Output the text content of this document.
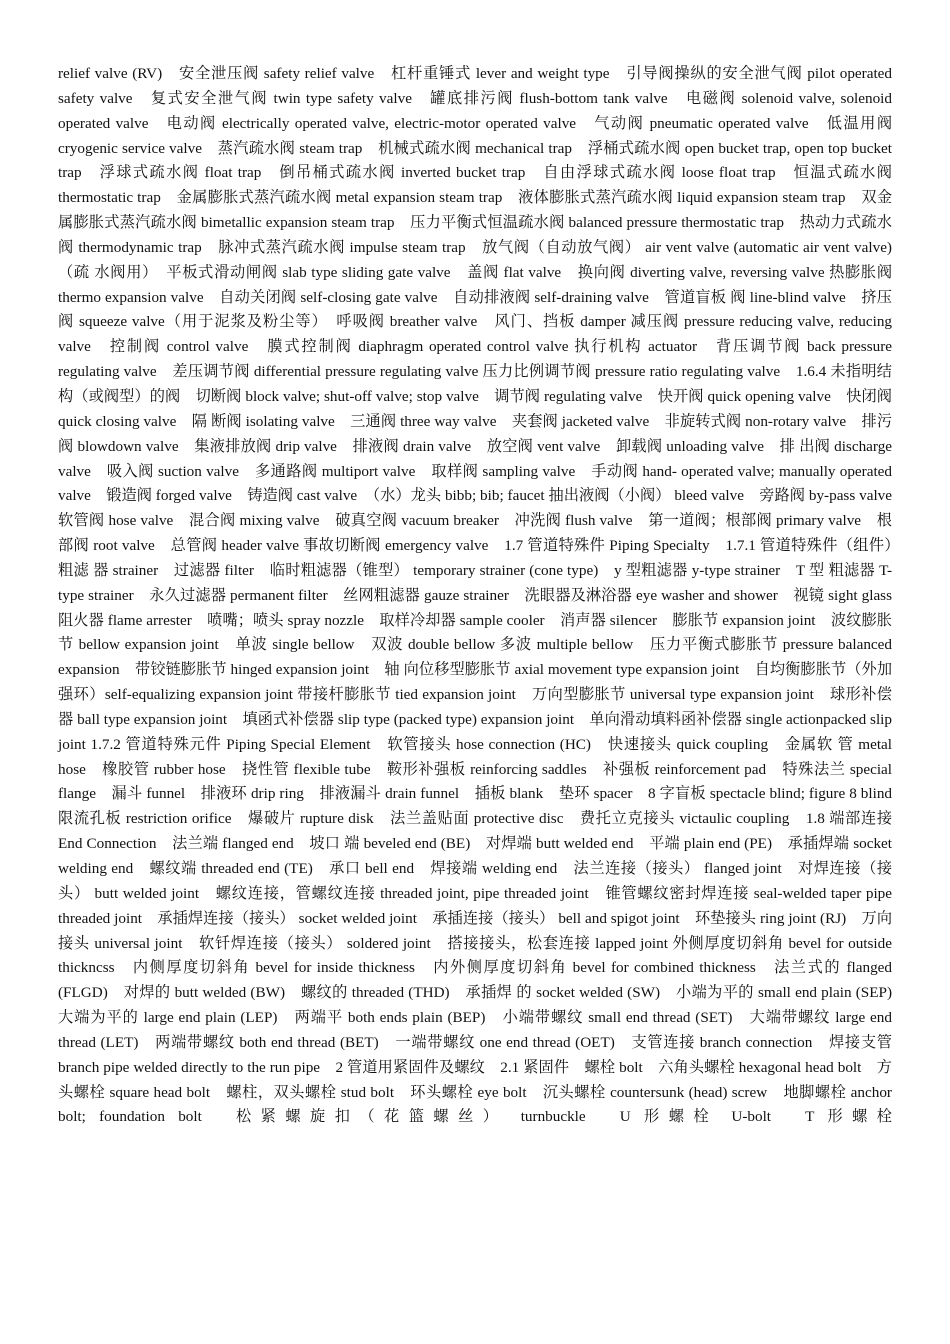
relief valve (RV)　安全泄压阀 safety relief valve　杠杆重锤式 lever and weight type　引导阀操纵的安全泄气阀 pilot operated safety valve　复式安全泄气阀 twin type safety valve　罐底排污阀 flush-bottom tank valve　电磁阀 solenoid valve, solenoid operated valve　电动阀 electrically operated valve, electric-motor operated valve　气动阀 pneumatic operated valve　低温用阀 cryogenic service valve　蒸汽疏水阀 steam trap　机械式疏水阀 mechanical trap　浮桶式疏水阀 open bucket trap, open top bucket trap　浮球式疏水阀 float trap　倒吊桶式疏水阀 inverted bucket trap　自由浮球式疏水阀 loose float trap　恒温式疏水阀 thermostatic trap　金属膨胀式蒸汽疏水阀 metal expansion steam trap　液体膨胀式蒸汽疏水阀 liquid expansion steam trap　双金属膨胀式蒸汽疏水阀 bimetallic expansion steam trap　压力平衡式恒温疏水阀 balanced pressure thermostatic trap　热动力式疏水阀 thermodynamic trap　脉冲式蒸汽疏水阀 impulse steam trap　放气阀（自动放气阀） air vent valve (automatic air vent valve)（疏 水阀用）　平板式滑动闸阀 slab type sliding gate valve　盖阀 flat valve　换向阀 diverting valve, reversing valve 热膨胀阀 thermo expansion valve　自动关闭阀 self-closing gate valve　自动排液阀 self-draining valve　管道盲板 阀 line-blind valve　挤压阀 squeeze valve（用于泥浆及粉尘等）　呼吸阀 breather valve　风门、挡板 damper 减压阀 pressure reducing valve, reducing valve　控制阀 control valve　膜式控制阀 diaphragm operated control valve 执行机构 actuator　背压调节阀 back pressure regulating valve　差压调节阀 differential pressure regulating valve 压力比例调节阀 pressure ratio regulating valve　1.6.4 未指明结构（或阀型）的阀　切断阀 block valve; shut-off valve; stop valve　调节阀 regulating valve　快开阀 quick opening valve　快闭阀 quick closing valve　隔 断阀 isolating valve　三通阀 three way valve　夹套阀 jacketed valve　非旋转式阀 non-rotary valve　排污阀 blowdown valve　集液排放阀 drip valve　排液阀 drain valve　放空阀 vent valve　卸载阀 unloading valve　排 出阀 discharge valve　吸入阀 suction valve　多通路阀 multiport valve　取样阀 sampling valve　手动阀 hand- operated valve; manually operated valve　锻造阀 forged valve　铸造阀 cast valve　（水）龙头 bibb; bib; faucet 抽出液阀（小阀） bleed valve　旁路阀 by-pass valve　软管阀 hose valve　混合阀 mixing valve　破真空阀 vacuum breaker　冲洗阀 flush valve　第一道阀；根部阀 primary valve　根部阀 root valve　总管阀 header valve 事故切断阀 emergency valve　1.7 管道特殊件 Piping Specialty　1.7.1 管道特殊件（组件）　粗滤 器 strainer　过滤器 filter　临时粗滤器（锥型） temporary strainer (cone type)　y 型粗滤器 y-type strainer　T 型 粗滤器 T-type strainer　永久过滤器 permanent filter　丝网粗滤器 gauze strainer　洗眼器及淋浴器 eye washer and shower　视镜 sight glass　阻火器 flame arrester　喷嘴；喷头 spray nozzle　取样冷却器 sample cooler　消声器 silencer　膨胀节 expansion joint　波纹膨胀节 bellow expansion joint　单波 single bellow　双波 double bellow 多波 multiple bellow　压力平衡式膨胀节 pressure balanced expansion　带铰链膨胀节 hinged expansion joint　轴 向位移型膨胀节 axial movement type expansion joint　自均衡膨胀节（外加强环）self-equalizing expansion joint 带接杆膨胀节 tied expansion joint　万向型膨胀节 universal type expansion joint　球形补偿器 ball type expansion joint　填函式补偿器 slip type (packed type) expansion joint　单向滑动填料函补偿器 single actionpacked slip joint 1.7.2 管道特殊元件 Piping Special Element　软管接头 hose connection (HC)　快速接头 quick coupling　金属软 管 metal hose　橡胶管 rubber hose　挠性管 flexible tube　鞍形补强板 reinforcing saddles　补强板 reinforcement pad　特殊法兰 special flange　漏斗 funnel　排液环 drip ring　排液漏斗 drain funnel　插板 blank　垫环 spacer　8 字盲板 spectacle blind; figure 8 blind　限流孔板 restriction orifice　爆破片 rupture disk　法兰盖贴面 protective disc　费托立克接头 victaulic coupling　1.8 端部连接 End Connection　法兰端 flanged end　坡口 端 beveled end (BE)　对焊端 butt welded end　平端 plain end (PE)　承插焊端 socket welding end　螺纹端 threaded end (TE)　承口 bell end　焊接端 welding end　法兰连接（接头） flanged joint　对焊连接（接头） butt welded joint　螺纹连接，管螺纹连接 threaded joint, pipe threaded joint　锥管螺纹密封焊连接 seal-welded taper pipe threaded joint　承插焊连接（接头） socket welded joint　承插连接（接头） bell and spigot joint　环垫接头 ring joint (RJ)　万向接头 universal joint　软钎焊连接（接头） soldered joint　搭接接头，松套连接 lapped joint 外侧厚度切斜角 bevel for outside thickncss　内侧厚度切斜角 bevel for inside thickness　内外侧厚度切斜角 bevel for combined thickness　法兰式的 flanged (FLGD)　对焊的 butt welded (BW)　螺纹的 threaded (THD)　承插焊 的 socket welded (SW)　小端为平的 small end plain (SEP)　大端为平的 large end plain (LEP)　两端平 both ends plain (BEP)　小端带螺纹 small end thread (SET)　大端带螺纹 large end thread (LET)　两端带螺纹 both end thread (BET)　一端带螺纹 one end thread (OET)　支管连接 branch connection　焊接支管 branch pipe welded directly to the run pipe　2 管道用紧固件及螺纹　2.1 紧固件　螺栓 bolt　六角头螺栓 hexagonal head bolt　方头螺栓 square head bolt　螺柱，双头螺栓 stud bolt　环头螺栓 eye bolt　沉头螺栓 countersunk (head) screw　地脚螺栓 anchor bolt; foundation bolt　松紧螺旋扣（花篮螺丝） turnbuckle　U 形螺栓 U-bolt　T 形螺栓
